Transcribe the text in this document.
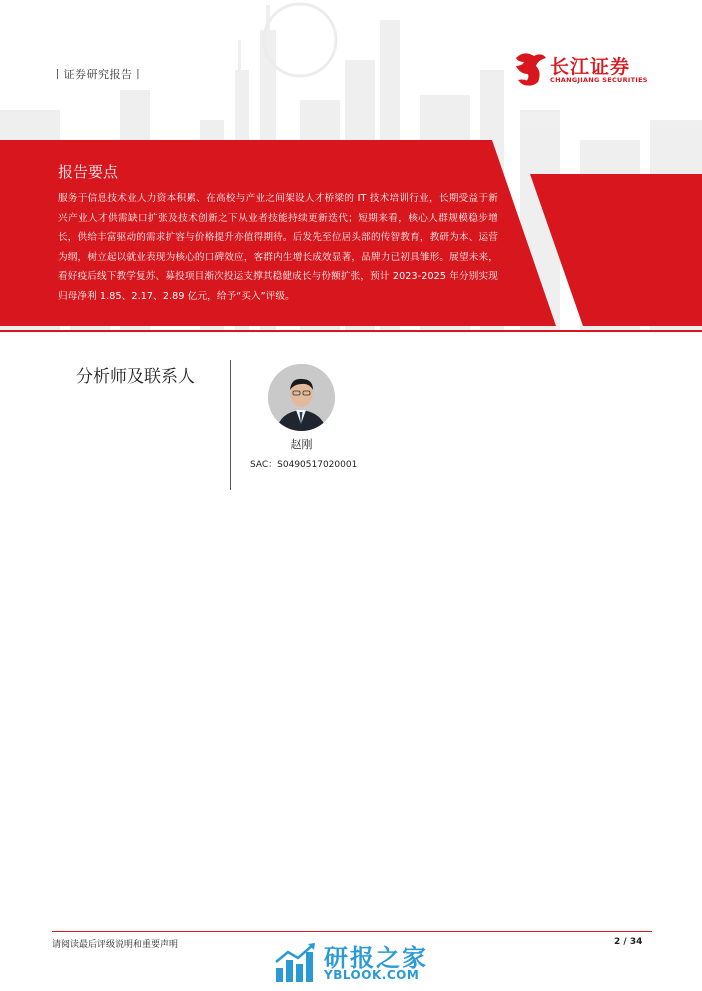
丨证券研究报告丨	长江证券
CHANGJIANG SECURITIES
报告要点
服务于信息技术业人力资本积累、在高校与产业之间架设人才桥梁的 IT 技术培训行业，长期受益于新兴产业人才供需缺口扩张及技术创新之下从业者技能持续更新迭代；短期来看，核心人群规模稳步增长，供给丰富驱动的需求扩容与价格提升亦值得期待。后发先至位居头部的传智教育，教研为本、运营为纲，树立起以就业表现为核心的口碑效应，客群内生增长成效显著，品牌力已初具雏形。展望未来，看好疫后线下教学复苏、募投项目渐次投运支撑其稳健成长与份额扩张，预计 2023-2025 年分别实现归母净利 1.85、2.17、2.89 亿元，给予“买入”评级。
分析师及联系人
赵刚
SAC：S0490517020001
请阅读最后评级说明和重要声明	2 / 34
研报之家
YBLOOK.COM
